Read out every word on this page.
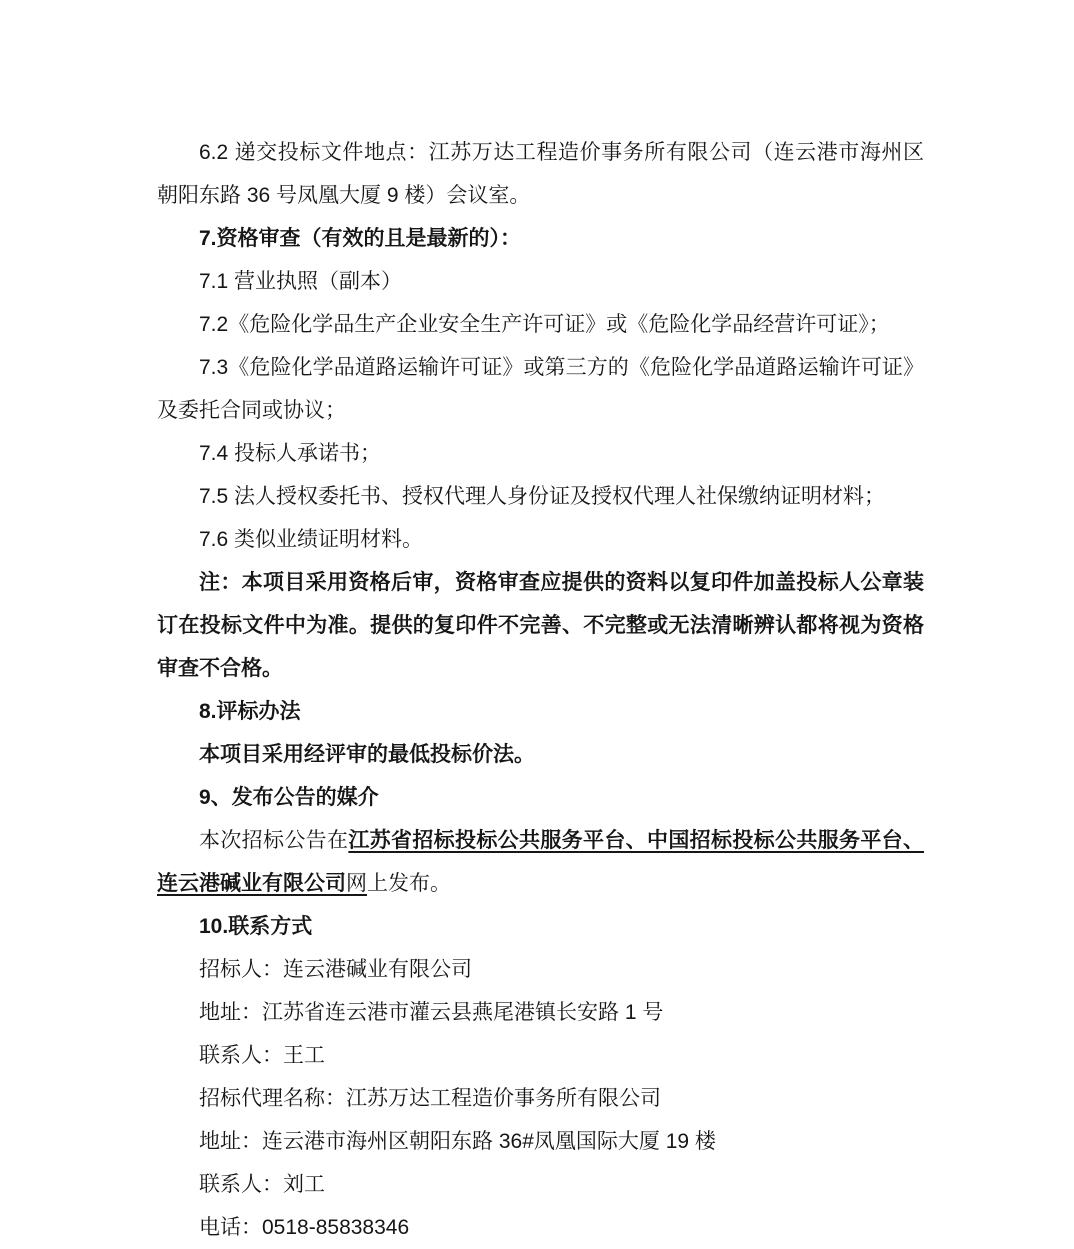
6.2 递交投标文件地点：江苏万达工程造价事务所有限公司（连云港市海州区朝阳东路 36 号凤凰大厦 9 楼）会议室。

7.资格审查（有效的且是最新的）：

7.1 营业执照（副本）

7.2《危险化学品生产企业安全生产许可证》或《危险化学品经营许可证》；

7.3《危险化学品道路运输许可证》或第三方的《危险化学品道路运输许可证》及委托合同或协议；

7.4 投标人承诺书；

7.5 法人授权委托书、授权代理人身份证及授权代理人社保缴纳证明材料；

7.6 类似业绩证明材料。

注：本项目采用资格后审，资格审查应提供的资料以复印件加盖投标人公章装订在投标文件中为准。提供的复印件不完善、不完整或无法清晰辨认都将视为资格审查不合格。

8.评标办法

本项目采用经评审的最低投标价法。

9、发布公告的媒介

本次招标公告在江苏省招标投标公共服务平台、中国招标投标公共服务平台、连云港碱业有限公司网上发布。

10.联系方式

招标人：连云港碱业有限公司

地址：江苏省连云港市灌云县燕尾港镇长安路 1 号

联系人：王工

招标代理名称：江苏万达工程造价事务所有限公司

地址：连云港市海州区朝阳东路 36#凤凰国际大厦 19 楼

联系人：刘工

电话：0518-85838346
